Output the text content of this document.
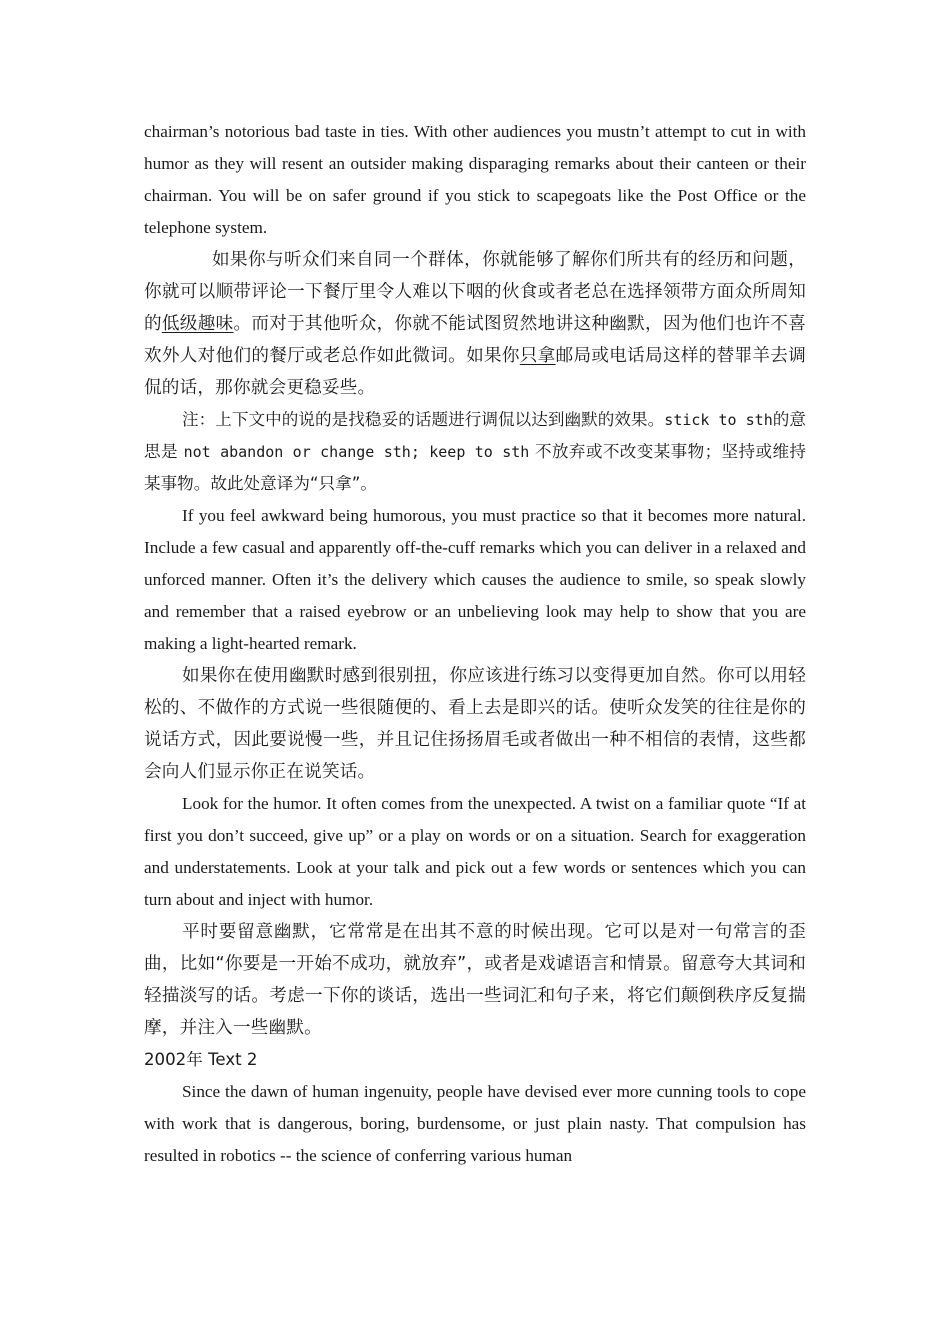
chairman’s notorious bad taste in ties. With other audiences you mustn’t attempt to cut in with humor as they will resent an outsider making disparaging remarks about their canteen or their chairman. You will be on safer ground if you stick to scapegoats like the Post Office or the telephone system.

如果你与听众们来自同一个群体，你就能够了解你们所共有的经历和问题，你就可以顺带评论一下餐厅里令人难以下咽的伙食或者老总在选择领带方面众所周知的低级趣味。而对于其他听众，你就不能试图贸然地讲这种幽默，因为他们也许不喜欢外人对他们的餐厅或老总作如此微词。如果你只拿邮局或电话局这样的替罪羊去调侃的话，那你就会更稳妥些。

注：上下文中的说的是找稳妥的话题进行调侃以达到幽默的效果。stick to sth的意思是 not abandon or change sth; keep to sth 不放弃或不改变某事物；坚持或维持某事物。故此处意译为“只拿”。

If you feel awkward being humorous, you must practice so that it becomes more natural. Include a few casual and apparently off-the-cuff remarks which you can deliver in a relaxed and unforced manner. Often it’s the delivery which causes the audience to smile, so speak slowly and remember that a raised eyebrow or an unbelieving look may help to show that you are making a light-hearted remark.

如果你在使用幽默时感到很别扭，你应该进行练习以变得更加自然。你可以用轻松的、不做作的方式说一些很随便的、看上去是即兴的话。使听众发笑的往往是你的说话方式，因此要说慢一些，并且记住扬扬眉毛或者做出一种不相信的表情，这些都会向人们显示你正在说笑话。

Look for the humor. It often comes from the unexpected. A twist on a familiar quote “If at first you don’t succeed, give up” or a play on words or on a situation. Search for exaggeration and understatements. Look at your talk and pick out a few words or sentences which you can turn about and inject with humor.

平时要留意幽默，它常常是在出其不意的时候出现。它可以是对一句常言的歪曲，比如“你要是一开始不成功，就放弃”，或者是戏谑语言和情景。留意夸大其词和轻描淡写的话。考虑一下你的谈话，选出一些词汇和句子来，将它们颠倒秩序反复揣摩，并注入一些幽默。

2002年 Text 2

Since the dawn of human ingenuity, people have devised ever more cunning tools to cope with work that is dangerous, boring, burdensome, or just plain nasty. That compulsion has resulted in robotics -- the science of conferring various human
